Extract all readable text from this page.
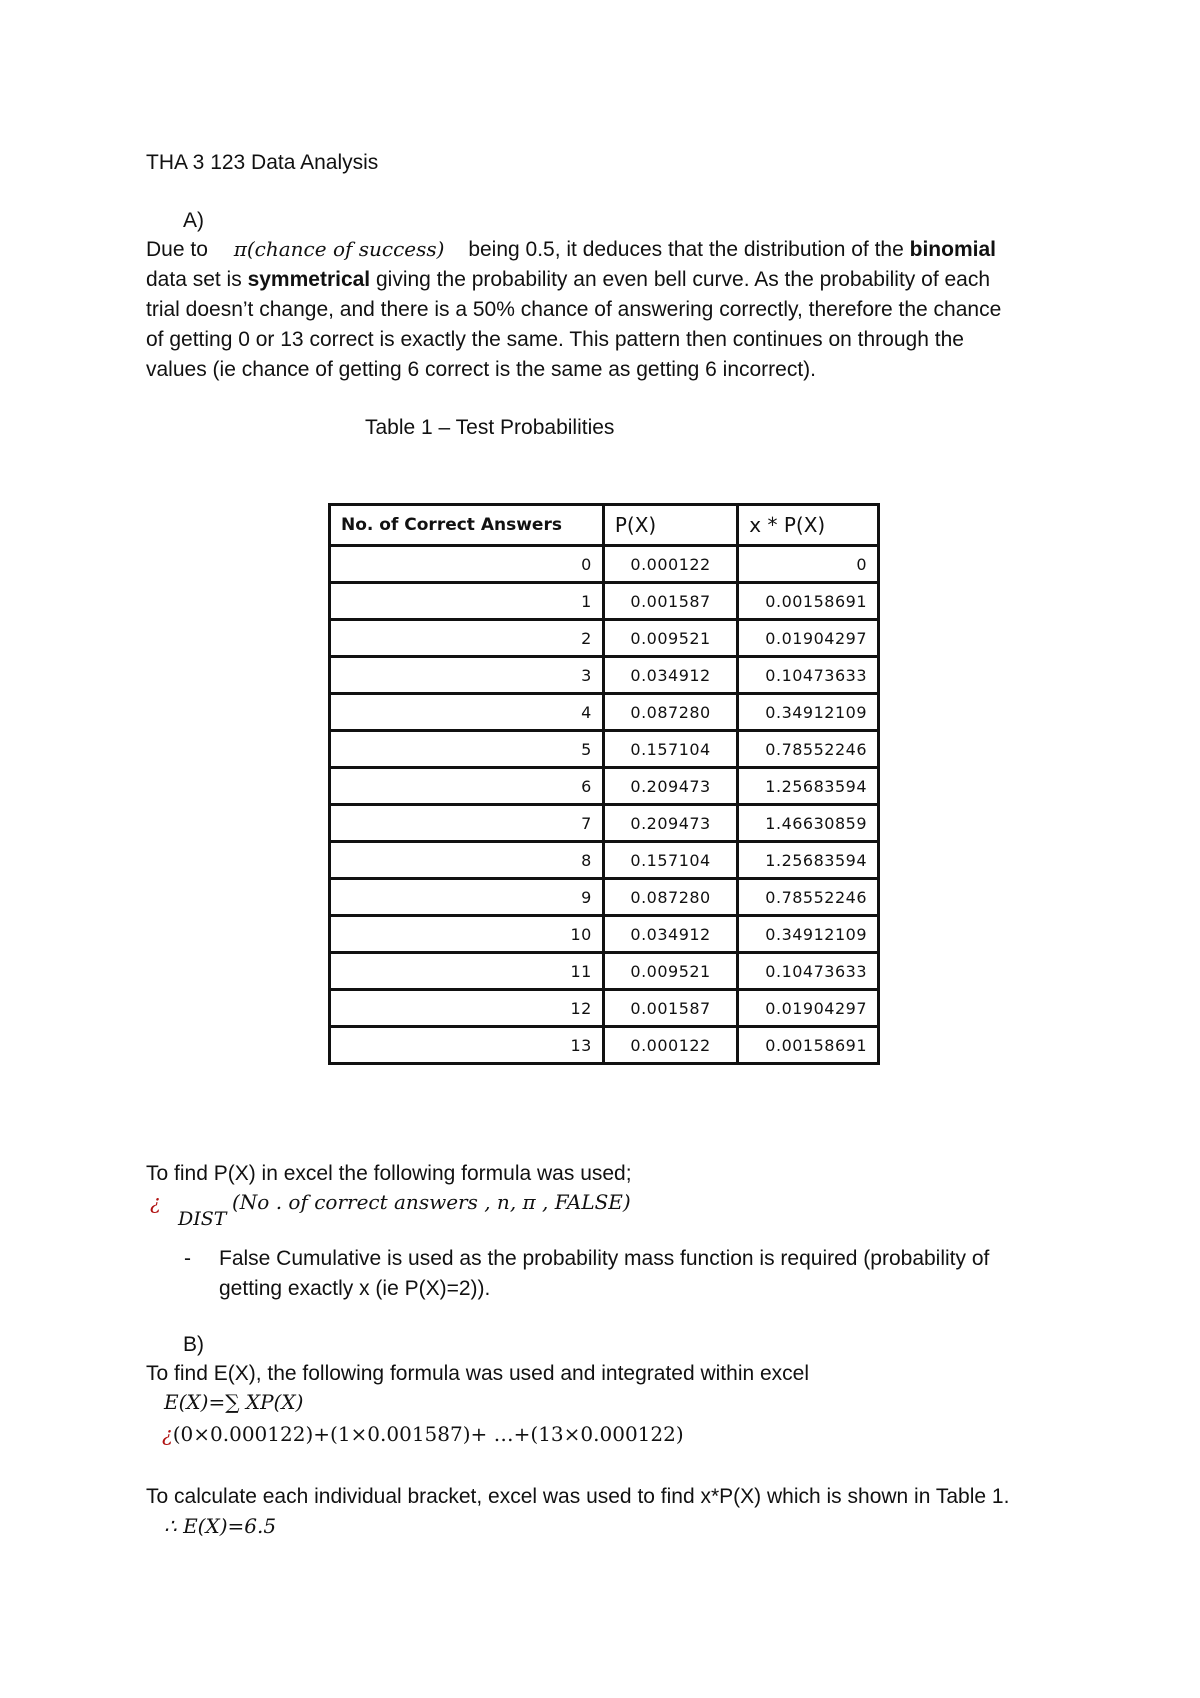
THA 3 123 Data Analysis
A)
Due to π(chance of success) being 0.5, it deduces that the distribution of the binomial
data set is symmetrical giving the probability an even bell curve. As the probability of each
trial doesn’t change, and there is a 50% chance of answering correctly, therefore the chance
of getting 0 or 13 correct is exactly the same. This pattern then continues on through the
values (ie chance of getting 6 correct is the same as getting 6 incorrect).
Table 1 – Test Probabilities
No. of Correct Answers	P(X)	x * P(X)
0	0.000122	0
1	0.001587	0.00158691
2	0.009521	0.01904297
3	0.034912	0.10473633
4	0.087280	0.34912109
5	0.157104	0.78552246
6	0.209473	1.25683594
7	0.209473	1.46630859
8	0.157104	1.25683594
9	0.087280	0.78552246
10	0.034912	0.34912109
11	0.009521	0.10473633
12	0.001587	0.01904297
13	0.000122	0.00158691
To find P(X) in excel the following formula was used;
¿
DIST
(No . of correct answers , n, π , FALSE)
- False Cumulative is used as the probability mass function is required (probability of
getting exactly x (ie P(X)=2)).
B)
To find E(X), the following formula was used and integrated within excel
E(X)=∑ XP(X)
¿(0×0.000122)+(1×0.001587)+ …+(13×0.000122)
To calculate each individual bracket, excel was used to find x*P(X) which is shown in Table 1.
∴ E(X)=6.5
